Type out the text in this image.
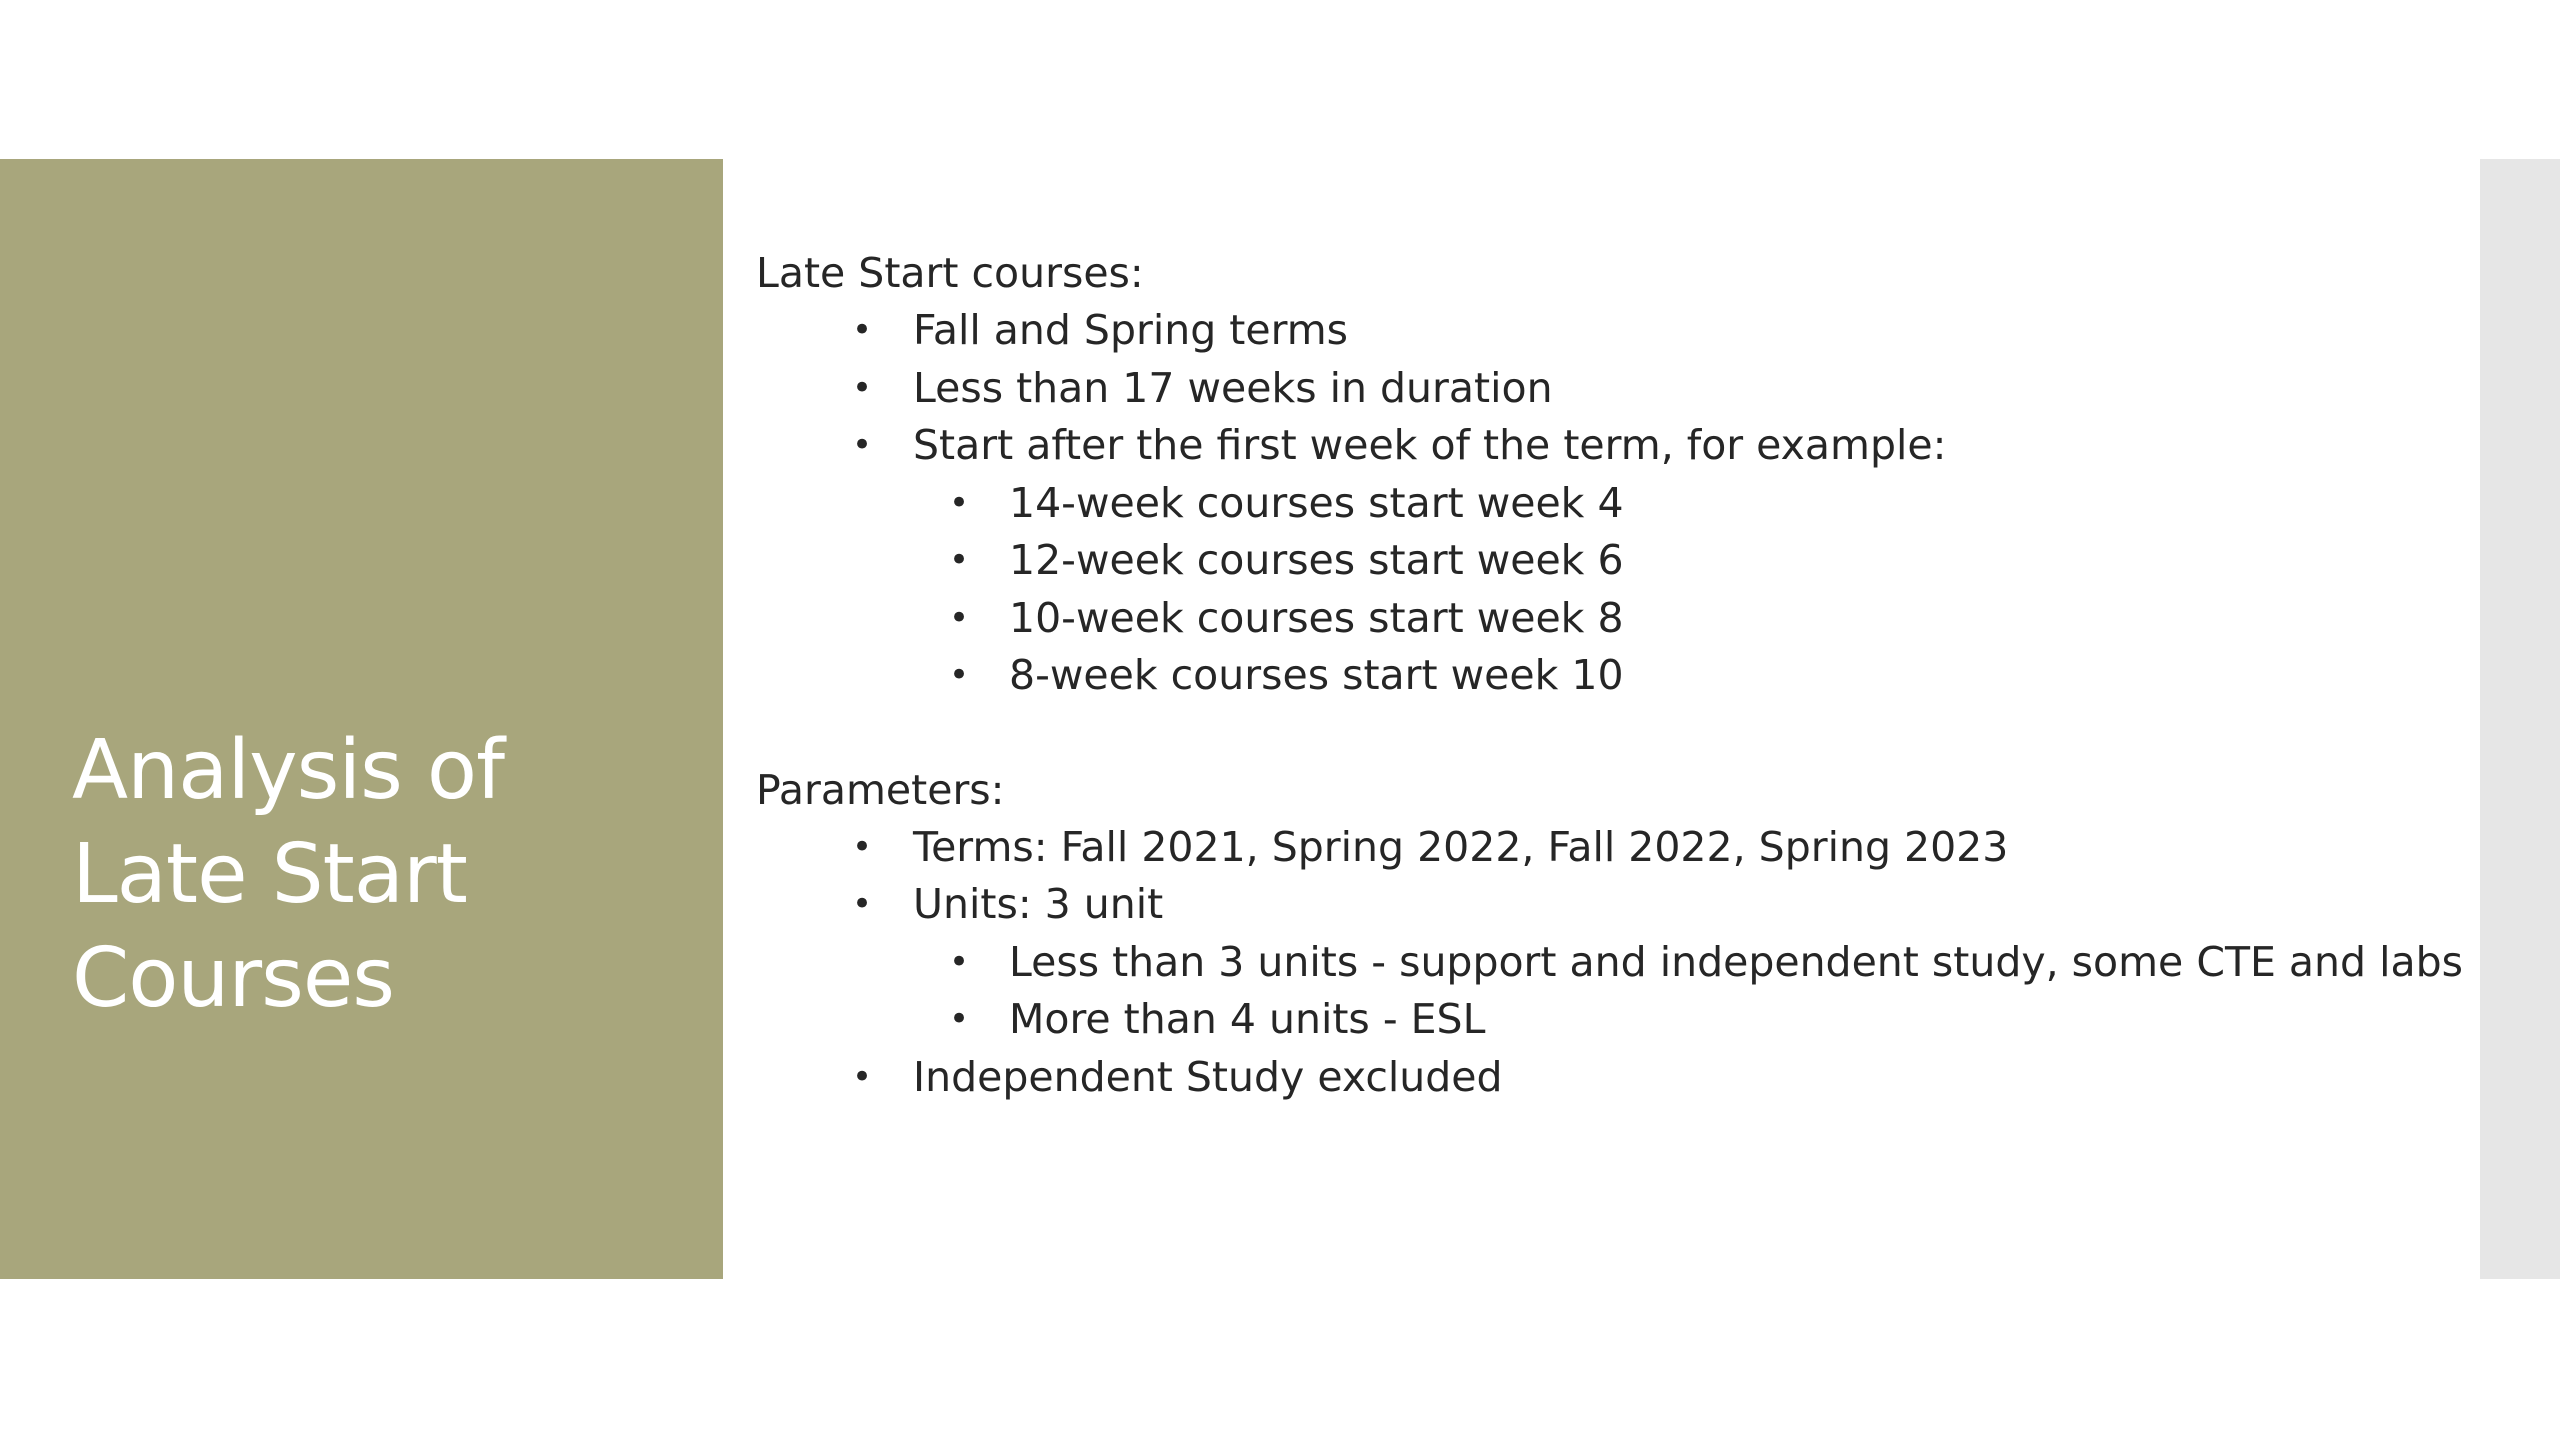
Analysis of
Late Start
Courses
Late Start courses:
• Fall and Spring terms
• Less than 17 weeks in duration
• Start after the first week of the term, for example:
• 14-week courses start week 4
• 12-week courses start week 6
• 10-week courses start week 8
• 8-week courses start week 10
Parameters:
• Terms: Fall 2021, Spring 2022, Fall 2022, Spring 2023
• Units: 3 unit
• Less than 3 units - support and independent study, some CTE and labs
• More than 4 units - ESL
• Independent Study excluded
